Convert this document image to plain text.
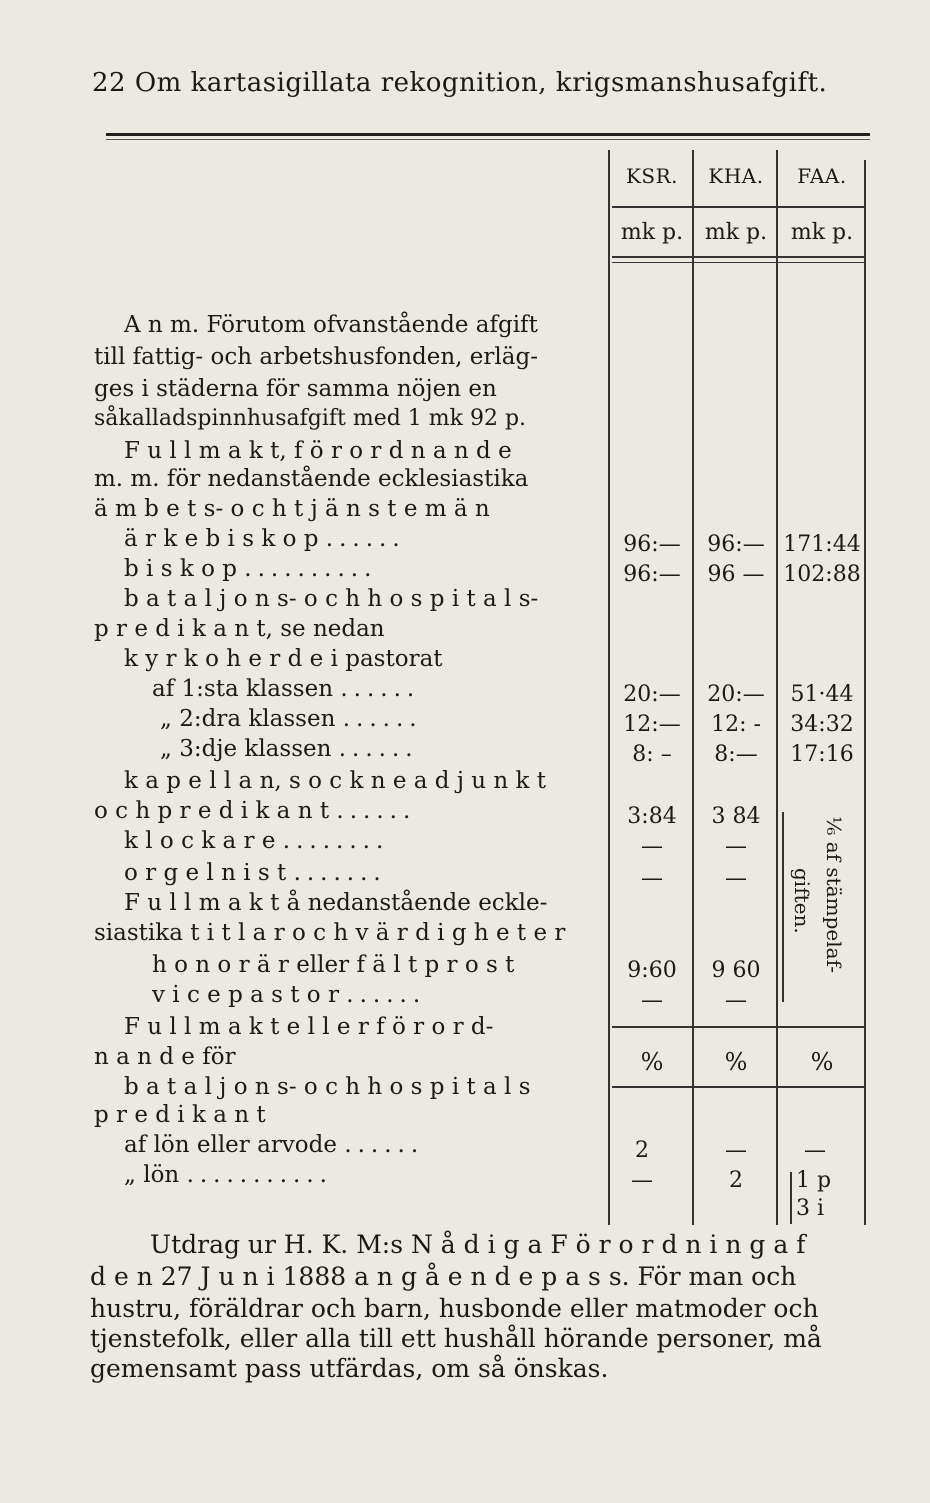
22 Om kartasigillata rekognition, krigsmanshusafgift.
KSR.	KHA.	FAA.
mk p. mk p.	mk p.
A n m. Förutom ofvanstående afgift
till fattig- och arbetshusfonden, erläg-
ges i städerna för samma nöjen en
såkalladspinnhusafgift med 1 mk 92 p.
F u l l m a k t, f ö r o r d n a n d e
m. m. för nedanstående ecklesiastika
ä m b e t s- o c h t j ä n s t e m ä n
ä r k e b i s k o p ......	96:—	96:— 171:44
b i s k o p ..........	96:—	96 — 102:88
b a t a l j o n s- o c h h o s p i t a l s-
p r e d i k a n t, se nedan
k y r k o h e r d e i pastorat
af 1:sta klassen ......	20:—	20:—	51·44
„ 2:dra klassen ......	12:—	12: -	34:32
„ 3:dje klassen ......	8: –	8:—	17:16
k a p e l l a n, s o c k n e a d j u n k t
o c h p r e d i k a n t ......	3:84	3 84
k l o c k a r e ........	—	—
o r g e l n i s t .......	—	—
F u l l m a k t å nedanstående eckle-
siastika t i t l a r o c h v ä r d i g h e t e r
h o n o r ä r eller f ä l t p r o s t	9:60	9 60
v i c e p a s t o r ......	—	—
⅟₆ af stämpelaf-
giften.
F u l l m a k t e l l e r f ö r o r d-
n a n d e för	%	%	%
b a t a l j o n s- o c h h o s p i t a l s
p r e d i k a n t
af lön eller arvode ......	2	—	—
„ lön ...........	—	2	1 p
3 i
Utdrag ur H. K. M:s N å d i g a F ö r o r d n i n g a f
d e n 27 J u n i 1888 a n g å e n d e p a s s. För man och
hustru, föräldrar och barn, husbonde eller matmoder och
tjenstefolk, eller alla till ett hushåll hörande personer, må
gemensamt pass utfärdas, om så önskas.
